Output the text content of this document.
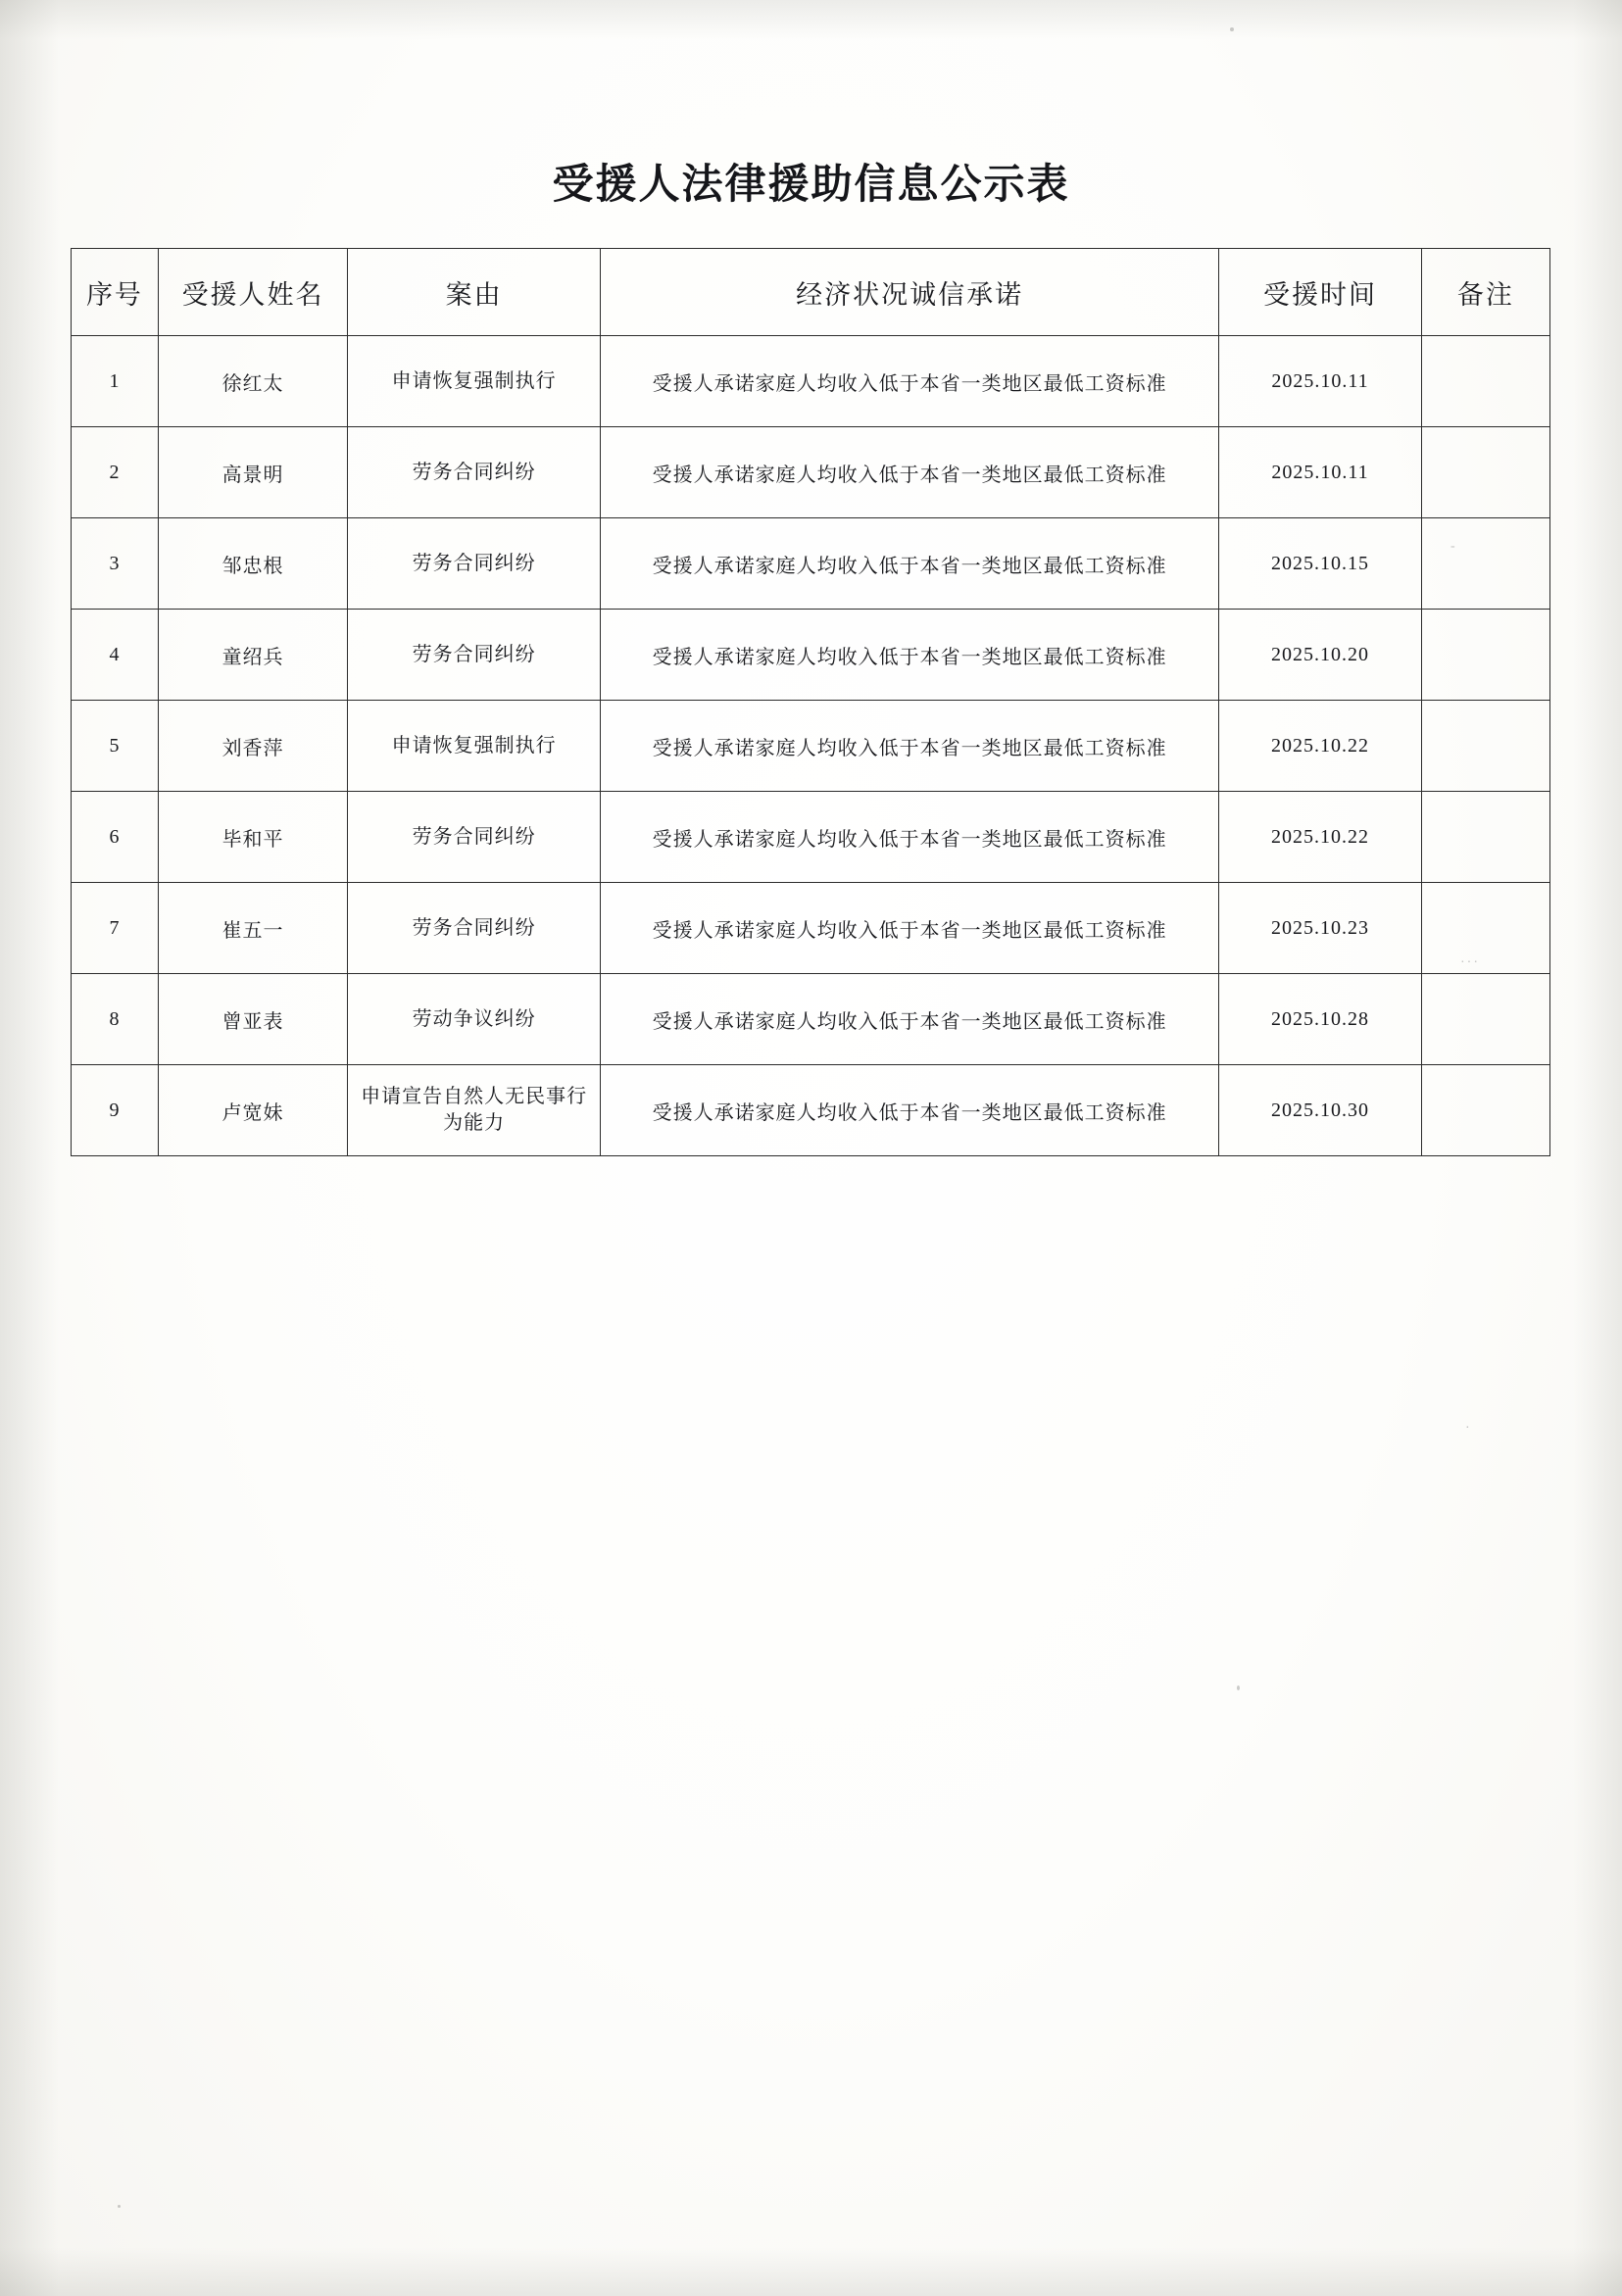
受援人法律援助信息公示表
序号	受援人姓名	案由	经济状况诚信承诺	受援时间	备注
1	徐红太	申请恢复强制执行	受援人承诺家庭人均收入低于本省一类地区最低工资标准	2025.10.11	
2	高景明	劳务合同纠纷	受援人承诺家庭人均收入低于本省一类地区最低工资标准	2025.10.11	
3	邹忠根	劳务合同纠纷	受援人承诺家庭人均收入低于本省一类地区最低工资标准	2025.10.15	
4	童绍兵	劳务合同纠纷	受援人承诺家庭人均收入低于本省一类地区最低工资标准	2025.10.20	
5	刘香萍	申请恢复强制执行	受援人承诺家庭人均收入低于本省一类地区最低工资标准	2025.10.22	
6	毕和平	劳务合同纠纷	受援人承诺家庭人均收入低于本省一类地区最低工资标准	2025.10.22	
7	崔五一	劳务合同纠纷	受援人承诺家庭人均收入低于本省一类地区最低工资标准	2025.10.23	
8	曾亚表	劳动争议纠纷	受援人承诺家庭人均收入低于本省一类地区最低工资标准	2025.10.28	
9	卢宽妹	申请宣告自然人无民事行为能力	受援人承诺家庭人均收入低于本省一类地区最低工资标准	2025.10.30	
-
···
·
